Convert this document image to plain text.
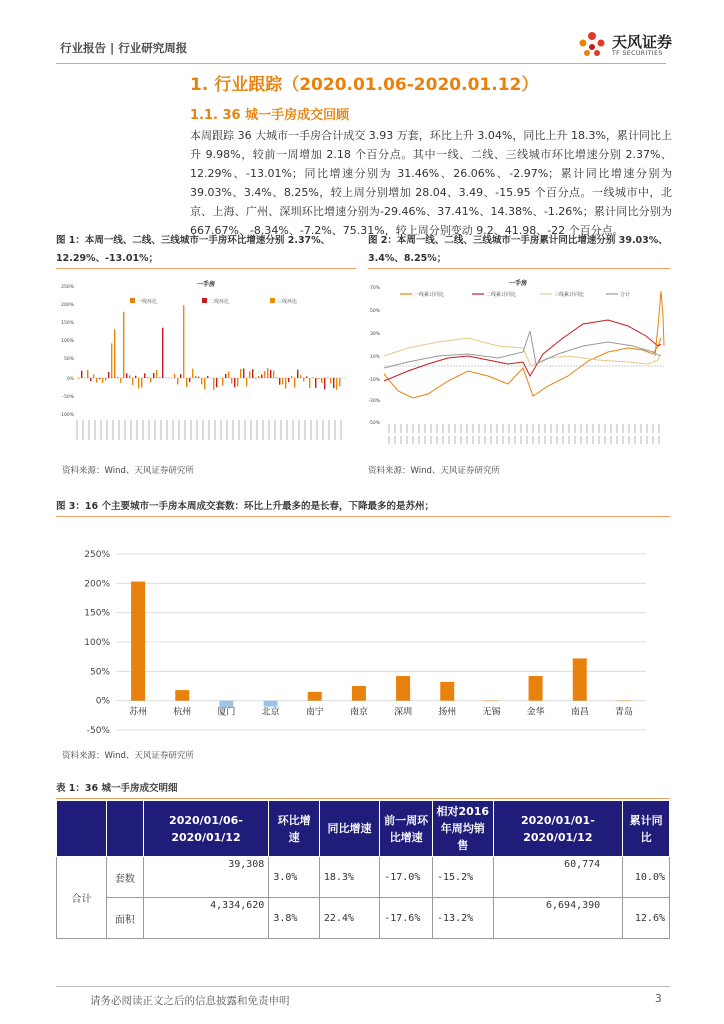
行业报告 | 行业研究周报	天风证券
TF SECURITIES
1. 行业跟踪（2020.01.06-2020.01.12）
1.1. 36 城一手房成交回顾
本周跟踪 36 大城市一手房合计成交 3.93 万套，环比上升 3.04%，同比上升 18.3%，累计同比上升 9.98%，较前一周增加 2.18 个百分点。其中一线、二线、三线城市环比增速分别 2.37%、12.29%、-13.01%；同比增速分别为 31.46%、26.06%、-2.97%；累计同比增速分别为 39.03%、3.4%、8.25%，较上周分别增加 28.04、3.49、-15.95 个百分点。一线城市中，北京、上海、广州、深圳环比增速分别为-29.46%、37.41%、14.38%、-1.26%；累计同比分别为 667.67%、-8.34%、-7.2%、75.31%，较上周分别变动 9.2、41.98、-22 个百分点。
图 1：本周一线、二线、三线城市一手房环比增速分别 2.37%、12.29%、-13.01%；
图 2：本周一线、二线、三线城市一手房累计同比增速分别 39.03%、3.4%、8.25%；
一手房
一线环比	二线环比	三线环比
250%
200%
150%
100%
50%
0%
-50%
-100%
资料来源：Wind、天风证券研究所
一手房
一线累计同比	二线累计同比	三线累计同比	合计
70%
50%
30%
10%
-10%
-30%
-50%
资料来源：Wind、天风证券研究所
图 3：16 个主要城市一手房本周成交套数：环比上升最多的是长春，下降最多的是苏州；
250%
200%
150%
100%
50%
0%
-50%
苏州	杭州	厦门	北京	南宁	南京	深圳	扬州	无锡	金华	南昌	青岛
资料来源：Wind、天风证券研究所
表 1：36 城一手房成交明细
		2020/01/06-2020/01/12	环比增速	同比增速	前一周环比增速	相对2016年周均销售	2020/01/01-2020/01/12	累计同比
合计	套数	39,308	3.0%	18.3%	-17.0%	-15.2%	60,774	10.0%
	面积	4,334,620	3.8%	22.4%	-17.6%	-13.2%	6,694,390	12.6%
请务必阅读正文之后的信息披露和免责申明	3
